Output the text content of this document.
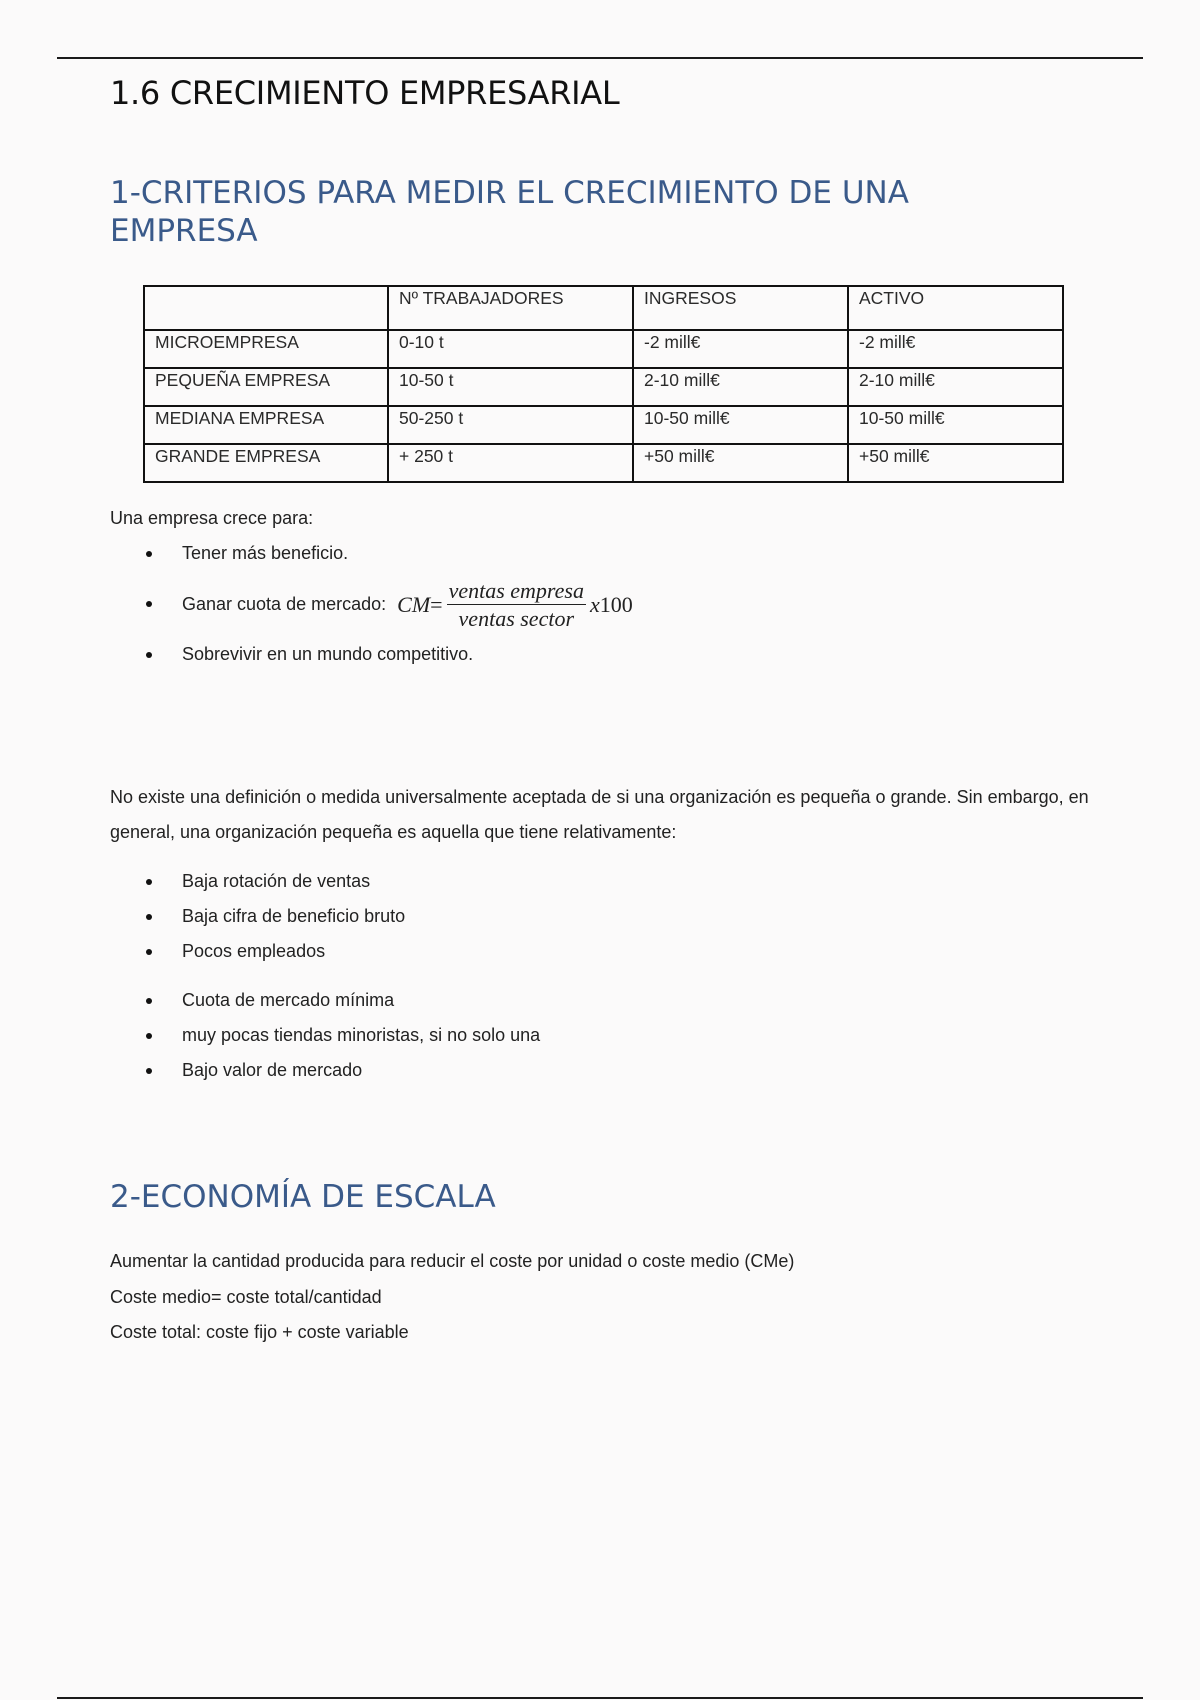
1.6 CRECIMIENTO EMPRESARIAL
1-CRITERIOS PARA MEDIR EL CRECIMIENTO DE UNA EMPRESA
	Nº TRABAJADORES	INGRESOS	ACTIVO
MICROEMPRESA	0-10 t	-2 mill€	-2 mill€
PEQUEÑA EMPRESA	10-50 t	2-10 mill€	2-10 mill€
MEDIANA EMPRESA	50-250 t	10-50 mill€	10-50 mill€
GRANDE EMPRESA	+ 250 t	+50 mill€	+50 mill€

Una empresa crece para:

Tener más beneficio.
Ganar cuota de mercado: CM = $\frac{\text{ventas empresa}}{\text{ventas sector}}$ x 100
Sobrevivir en un mundo competitivo.

No existe una definición o medida universalmente aceptada de si una organización es pequeña o grande. Sin embargo, en general, una organización pequeña es aquella que tiene relativamente:

Baja rotación de ventas
Baja cifra de beneficio bruto
Pocos empleados
Cuota de mercado mínima
muy pocas tiendas minoristas, si no solo una
Bajo valor de mercado
2-ECONOMÍA DE ESCALA

Aumentar la cantidad producida para reducir el coste por unidad o coste medio (CMe)

Coste medio= coste total/cantidad

Coste total: coste fijo + coste variable
